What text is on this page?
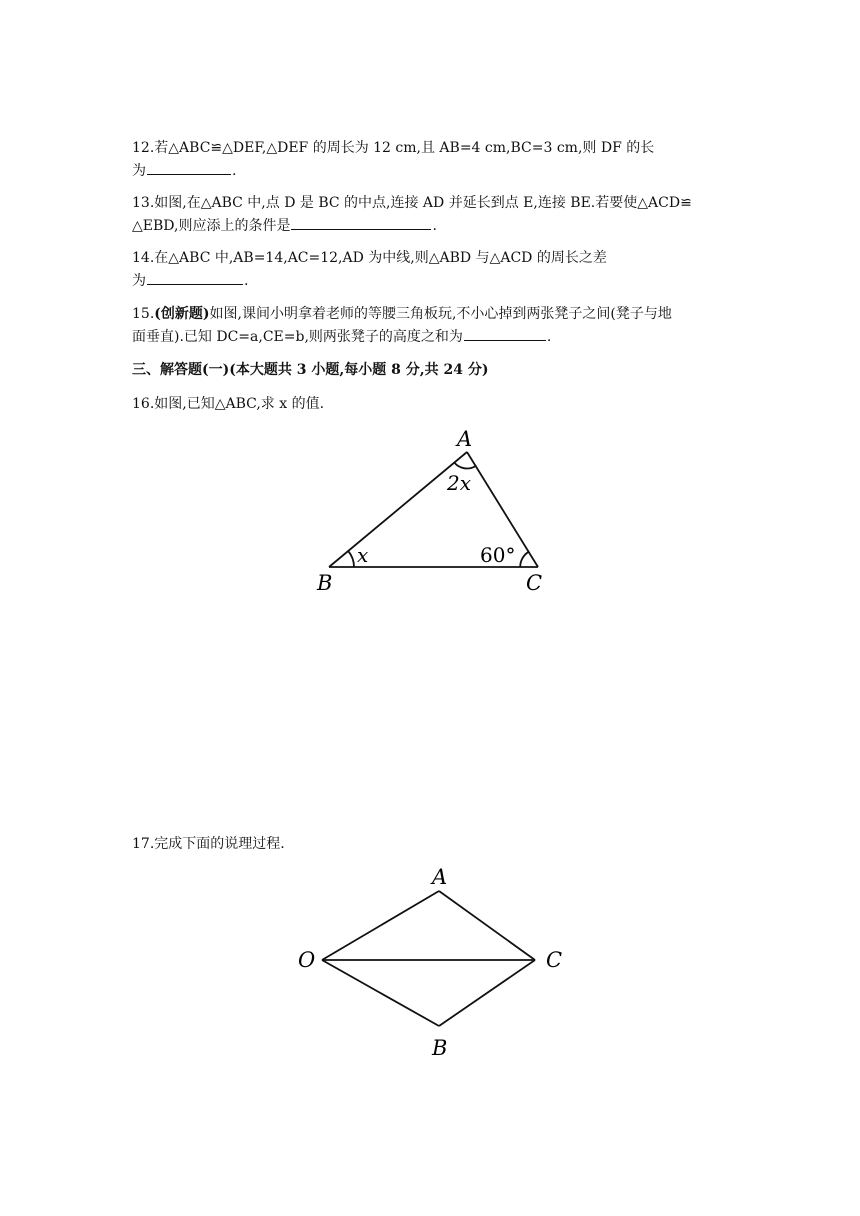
12.若△ABC≌△DEF,△DEF 的周长为 12 cm,且 AB=4 cm,BC=3 cm,则 DF 的长
为	.
13.如图,在△ABC 中,点 D 是 BC 的中点,连接 AD 并延长到点 E,连接 BE.若要使△ACD≌
△EBD,则应添上的条件是	.
14.在△ABC 中,AB=14,AC=12,AD 为中线,则△ABD 与△ACD 的周长之差
为	.
15.(创新题)如图,课间小明拿着老师的等腰三角板玩,不小心掉到两张凳子之间(凳子与地
面垂直).已知 DC=a,CE=b,则两张凳子的高度之和为	.
三、解答题(一)(本大题共 3 小题,每小题 8 分,共 24 分)
16.如图,已知△ABC,求 x 的值.
A
B	C
2x
x	60°
17.完成下面的说理过程.
A
B
C
O
